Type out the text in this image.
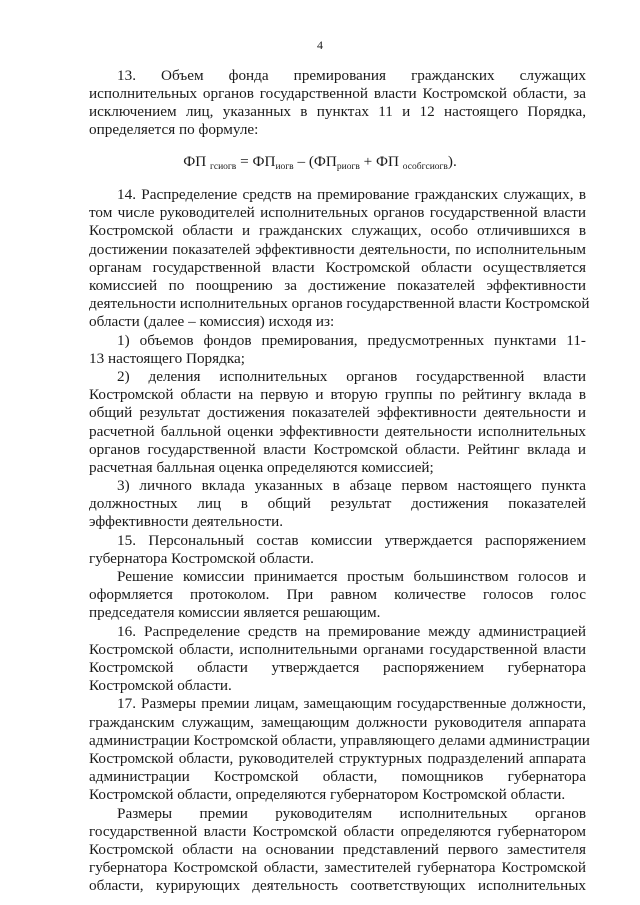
4
13. Объем фонда премирования гражданских служащих
исполнительных органов государственной власти Костромской области, за
исключением лиц, указанных в пунктах 11 и 12 настоящего Порядка,
определяется по формуле:
ФП $_{гсиогв} = ФП_{иогв} - (ФП_{риогв}$ + ФП $_{особгсиогв}$).
14. Распределение средств на премирование гражданских служащих, в
том числе руководителей исполнительных органов государственной власти
Костромской области и гражданских служащих, особо отличившихся в
достижении показателей эффективности деятельности, по исполнительным
органам государственной власти Костромской области осуществляется
комиссией по поощрению за достижение показателей эффективности
деятельности исполнительных органов государственной власти Костромской
области (далее – комиссия) исходя из:
1) объемов фондов премирования, предусмотренных пунктами 11-
13 настоящего Порядка;
2) деления исполнительных органов государственной власти
Костромской области на первую и вторую группы по рейтингу вклада в
общий результат достижения показателей эффективности деятельности и
расчетной балльной оценки эффективности деятельности исполнительных
органов государственной власти Костромской области. Рейтинг вклада и
расчетная балльная оценка определяются комиссией;
3) личного вклада указанных в абзаце первом настоящего пункта
должностных лиц в общий результат достижения показателей
эффективности деятельности.
15. Персональный состав комиссии утверждается распоряжением
губернатора Костромской области.
Решение комиссии принимается простым большинством голосов и
оформляется протоколом. При равном количестве голосов голос
председателя комиссии является решающим.
16. Распределение средств на премирование между администрацией
Костромской области, исполнительными органами государственной власти
Костромской области утверждается распоряжением губернатора
Костромской области.
17. Размеры премии лицам, замещающим государственные должности,
гражданским служащим, замещающим должности руководителя аппарата
администрации Костромской области, управляющего делами администрации
Костромской области, руководителей структурных подразделений аппарата
администрации Костромской области, помощников губернатора
Костромской области, определяются губернатором Костромской области.
Размеры премии руководителям исполнительных органов
государственной власти Костромской области определяются губернатором
Костромской области на основании представлений первого заместителя
губернатора Костромской области, заместителей губернатора Костромской
области, курирующих деятельность соответствующих исполнительных
